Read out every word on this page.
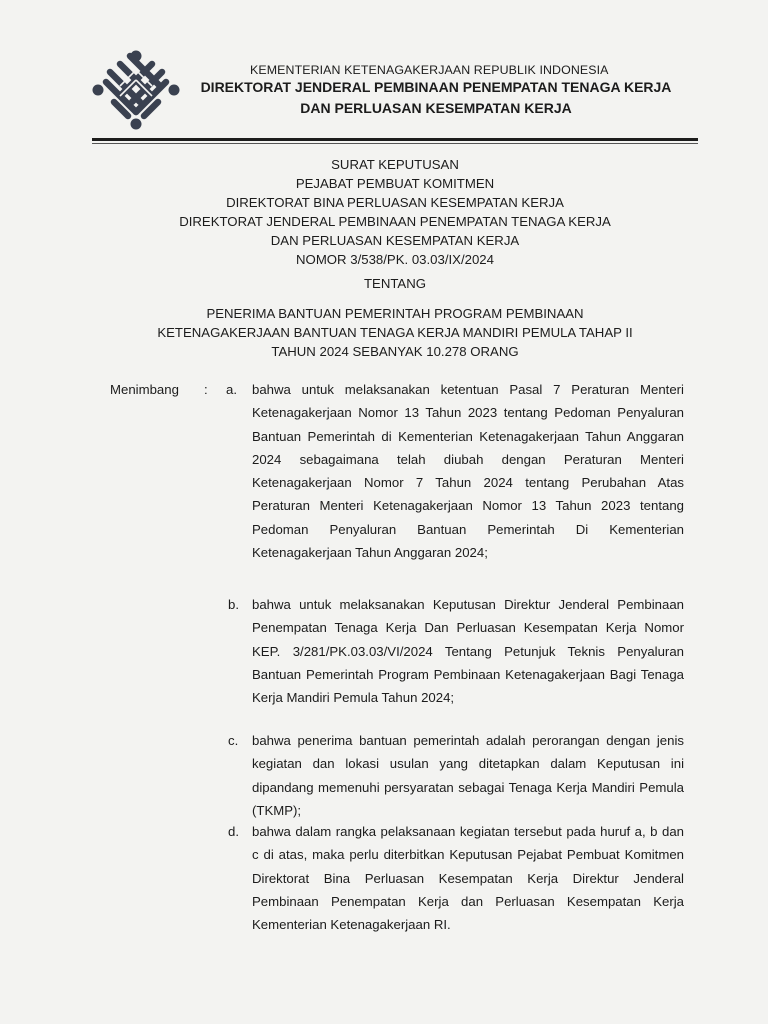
KEMENTERIAN KETENAGAKERJAAN REPUBLIK INDONESIA
DIREKTORAT JENDERAL PEMBINAAN PENEMPATAN TENAGA KERJA
DAN PERLUASAN KESEMPATAN KERJA
SURAT KEPUTUSAN
PEJABAT PEMBUAT KOMITMEN
DIREKTORAT BINA PERLUASAN KESEMPATAN KERJA
DIREKTORAT JENDERAL PEMBINAAN PENEMPATAN TENAGA KERJA
DAN PERLUASAN KESEMPATAN KERJA
NOMOR 3/538/PK. 03.03/IX/2024
TENTANG
PENERIMA BANTUAN PEMERINTAH PROGRAM PEMBINAAN
KETENAGAKERJAAN BANTUAN TENAGA KERJA MANDIRI PEMULA TAHAP II
TAHUN 2024 SEBANYAK 10.278 ORANG
Menimbang : a. bahwa untuk melaksanakan ketentuan Pasal 7 Peraturan Menteri Ketenagakerjaan Nomor 13 Tahun 2023 tentang Pedoman Penyaluran Bantuan Pemerintah di Kementerian Ketenagakerjaan Tahun Anggaran 2024 sebagaimana telah diubah dengan Peraturan Menteri Ketenagakerjaan Nomor 7 Tahun 2024 tentang Perubahan Atas Peraturan Menteri Ketenagakerjaan Nomor 13 Tahun 2023 tentang Pedoman Penyaluran Bantuan Pemerintah Di Kementerian Ketenagakerjaan Tahun Anggaran 2024;
b. bahwa untuk melaksanakan Keputusan Direktur Jenderal Pembinaan Penempatan Tenaga Kerja Dan Perluasan Kesempatan Kerja Nomor KEP. 3/281/PK.03.03/VI/2024 Tentang Petunjuk Teknis Penyaluran Bantuan Pemerintah Program Pembinaan Ketenagakerjaan Bagi Tenaga Kerja Mandiri Pemula Tahun 2024;
c. bahwa penerima bantuan pemerintah adalah perorangan dengan jenis kegiatan dan lokasi usulan yang ditetapkan dalam Keputusan ini dipandang memenuhi persyaratan sebagai Tenaga Kerja Mandiri Pemula (TKMP);
d. bahwa dalam rangka pelaksanaan kegiatan tersebut pada huruf a, b dan c di atas, maka perlu diterbitkan Keputusan Pejabat Pembuat Komitmen Direktorat Bina Perluasan Kesempatan Kerja Direktur Jenderal Pembinaan Penempatan Kerja dan Perluasan Kesempatan Kerja Kementerian Ketenagakerjaan RI.
